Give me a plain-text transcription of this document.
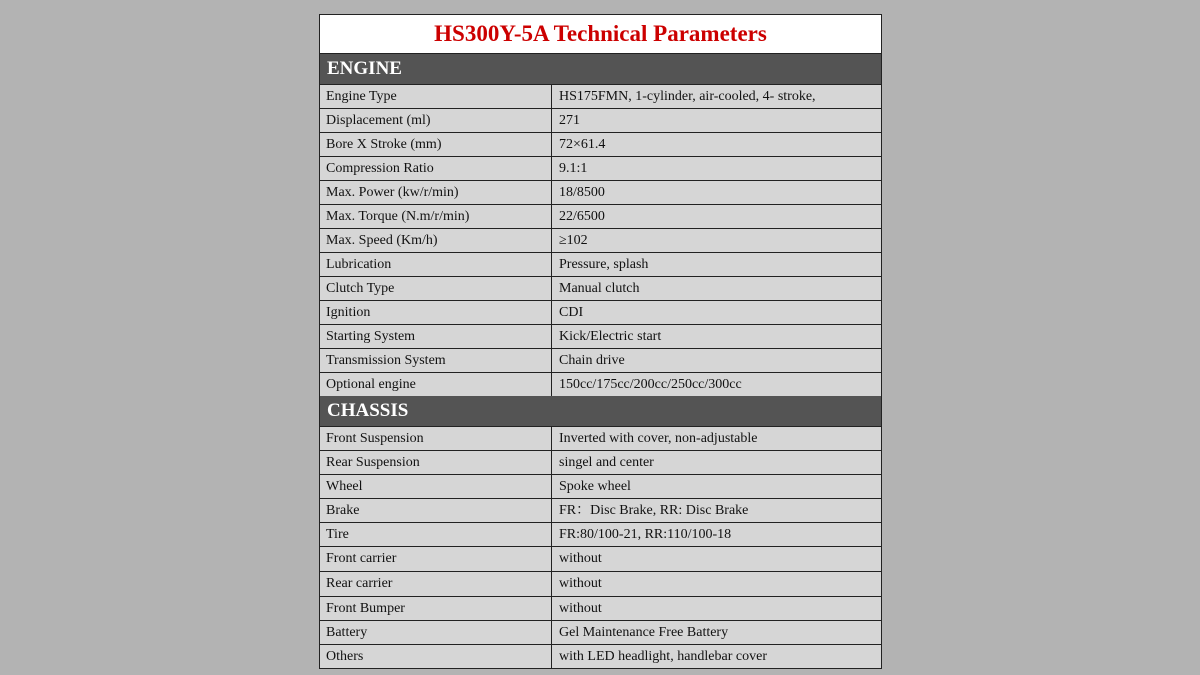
HS300Y-5A Technical Parameters
ENGINE
Engine Type	HS175FMN, 1-cylinder, air-cooled, 4- stroke,
Displacement (ml)	271
Bore X Stroke (mm)	72×61.4
Compression Ratio	9.1:1
Max. Power (kw/r/min)	18/8500
Max. Torque (N.m/r/min)	22/6500
Max. Speed (Km/h)	≥102
Lubrication	Pressure, splash
Clutch Type	Manual clutch
Ignition	CDI
Starting System	Kick/Electric start
Transmission System	Chain drive
Optional engine	150cc/175cc/200cc/250cc/300cc
CHASSIS
Front Suspension	Inverted with cover, non-adjustable
Rear Suspension	singel and center
Wheel	Spoke wheel
Brake	FR：Disc Brake, RR: Disc Brake
Tire	FR:80/100-21, RR:110/100-18
Front carrier	without
Rear carrier	without
Front Bumper	without
Battery	Gel Maintenance Free Battery
Others	with LED headlight, handlebar cover
